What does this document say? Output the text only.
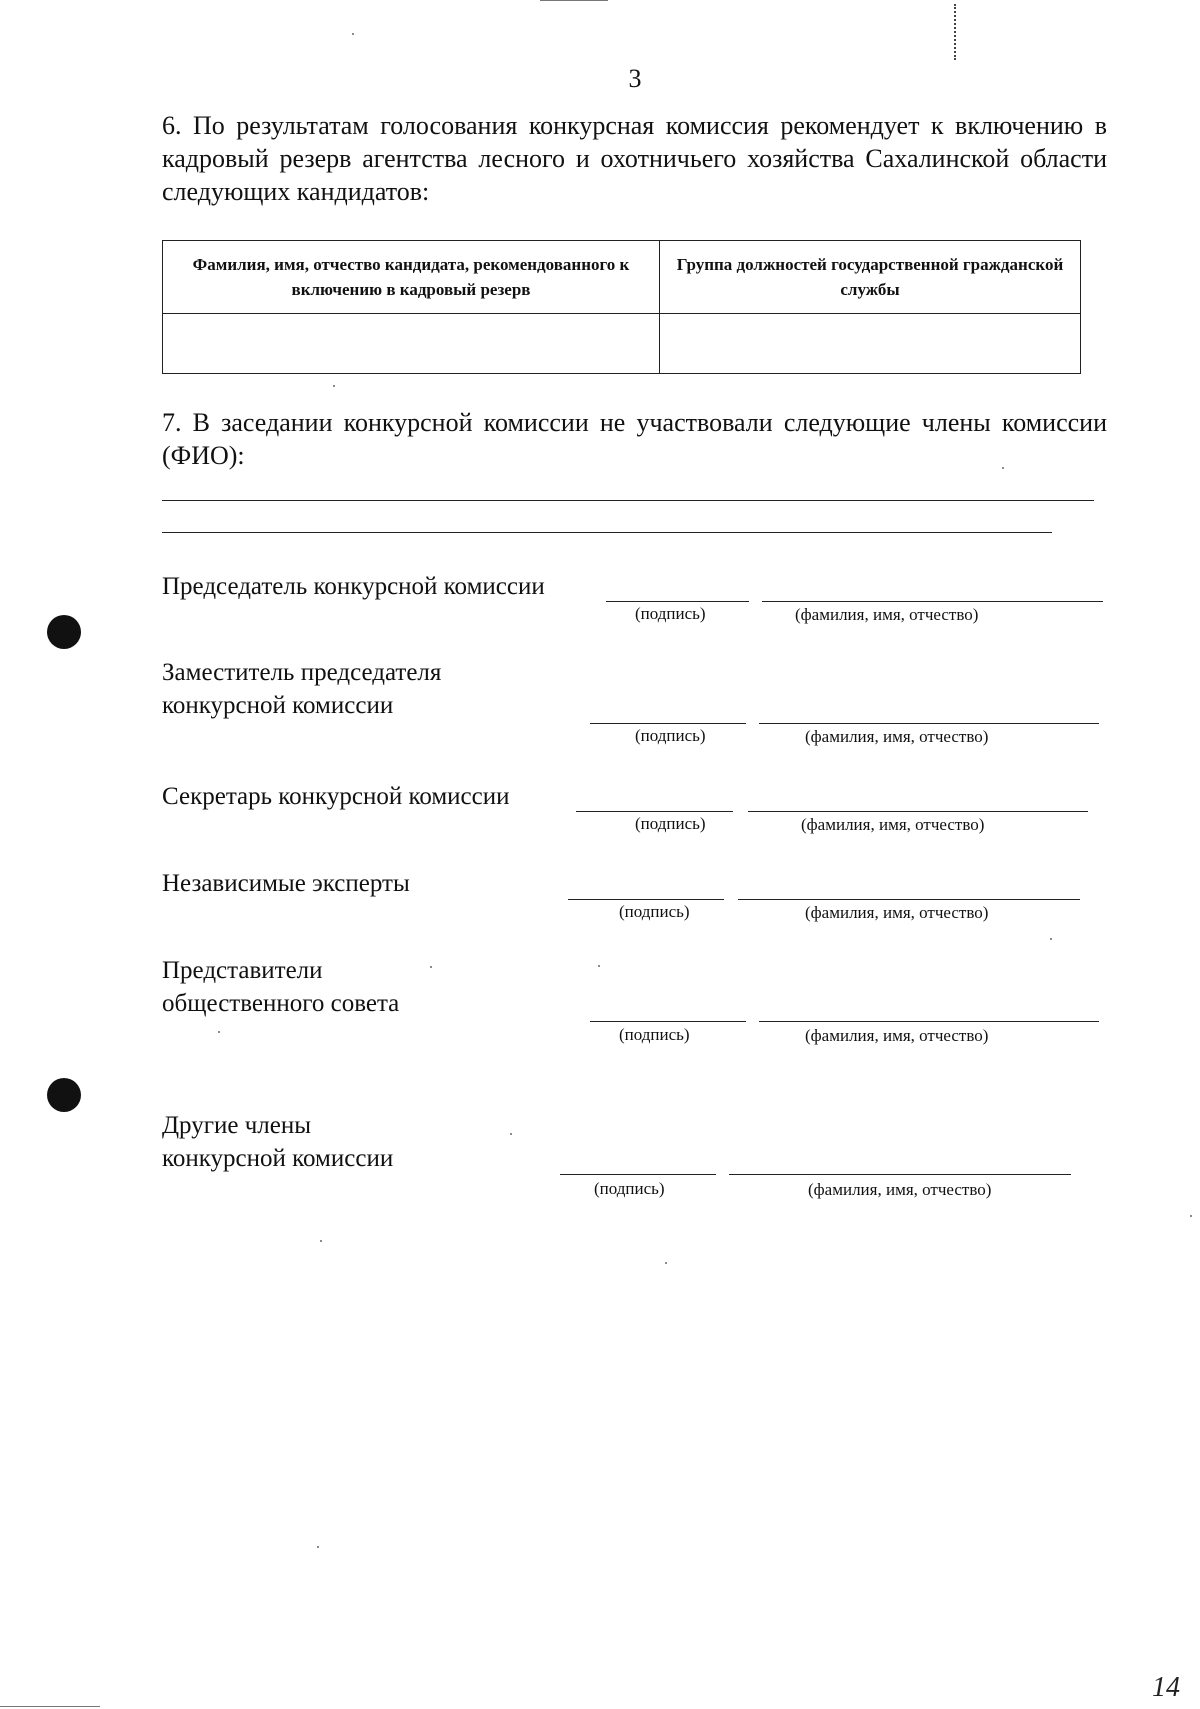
3
6. По результатам голосования конкурсная комиссия рекомендует к включению в кадровый резерв агентства лесного и охотничьего хозяйства Сахалинской области следующих кандидатов:
Фамилия, имя, отчество кандидата, рекомендованного к включению в кадровый резерв	Группа должностей государственной гражданской службы

7. В заседании конкурсной комиссии не участвовали следующие члены комиссии (ФИО):
Председатель конкурсной комиссии
(подпись)	(фамилия, имя, отчество)
Заместитель председателя
конкурсной комиссии
(подпись)	(фамилия, имя, отчество)
Секретарь конкурсной комиссии
(подпись)	(фамилия, имя, отчество)
Независимые эксперты
(подпись)	(фамилия, имя, отчество)
Представители
общественного совета
(подпись)	(фамилия, имя, отчество)
Другие члены
конкурсной комиссии
(подпись)	(фамилия, имя, отчество)
14
